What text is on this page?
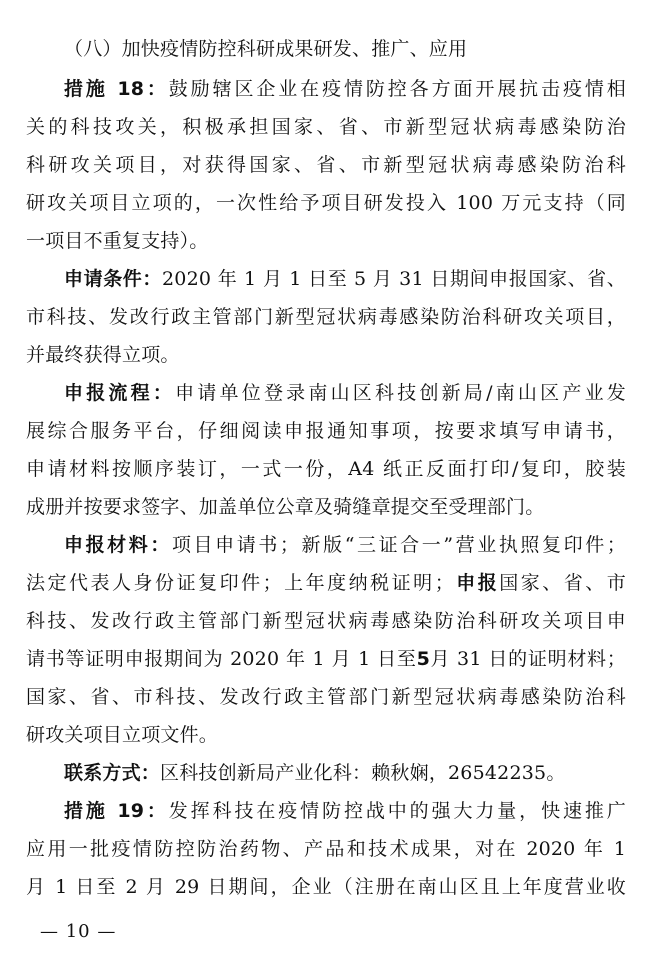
（八）加快疫情防控科研成果研发、推广、应用
措施 18：鼓励辖区企业在疫情防控各方面开展抗击疫情相
关的科技攻关，积极承担国家、省、市新型冠状病毒感染防治
科研攻关项目，对获得国家、省、市新型冠状病毒感染防治科
研攻关项目立项的，一次性给予项目研发投入 100 万元支持（同
一项目不重复支持）。
申请条件：2020 年 1 月 1 日至 5 月 31 日期间申报国家、省、
市科技、发改行政主管部门新型冠状病毒感染防治科研攻关项目，
并最终获得立项。
申报流程：申请单位登录南山区科技创新局/南山区产业发
展综合服务平台，仔细阅读申报通知事项，按要求填写申请书，
申请材料按顺序装订，一式一份，A4 纸正反面打印/复印，胶装
成册并按要求签字、加盖单位公章及骑缝章提交至受理部门。
申报材料：项目申请书；新版“三证合一”营业执照复印件；
法定代表人身份证复印件；上年度纳税证明；申报国家、省、市
科技、发改行政主管部门新型冠状病毒感染防治科研攻关项目申
请书等证明申报期间为 2020 年 1 月 1 日至5月 31 日的证明材料；
国家、省、市科技、发改行政主管部门新型冠状病毒感染防治科
研攻关项目立项文件。
联系方式：区科技创新局产业化科：赖秋娴，26542235。
措施 19：发挥科技在疫情防控战中的强大力量，快速推广
应用一批疫情防控防治药物、产品和技术成果，对在 2020 年 1
月 1 日至 2 月 29 日期间，企业（注册在南山区且上年度营业收
— 10 —
